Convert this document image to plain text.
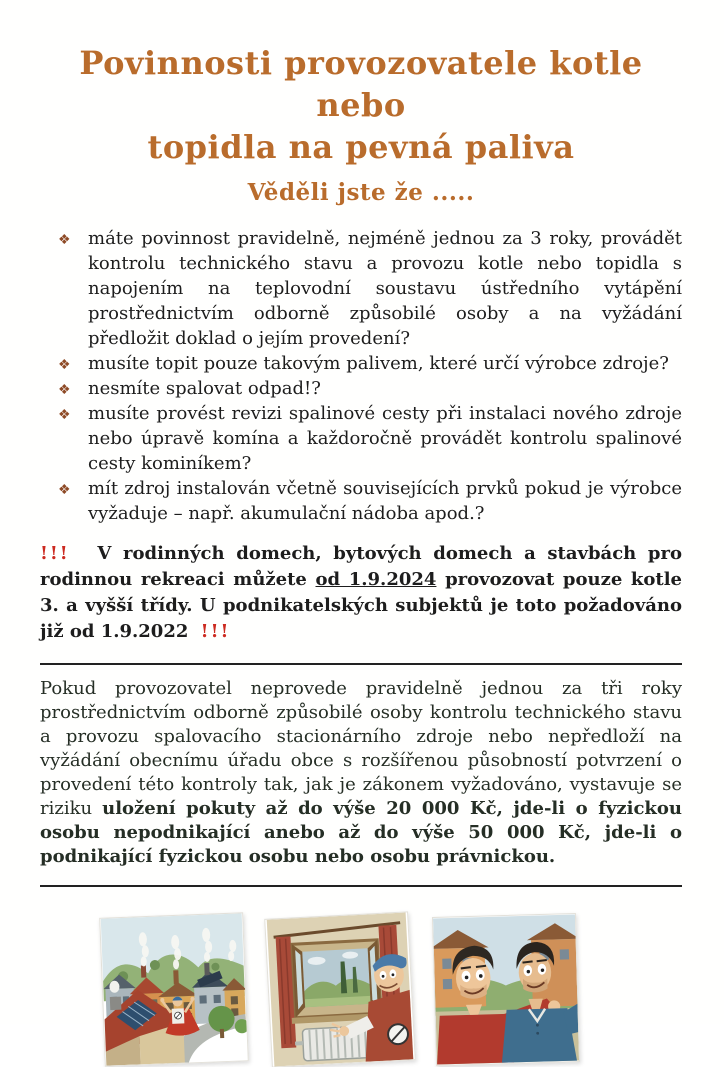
Povinnosti provozovatele kotle nebo
topidla na pevná paliva
Věděli jste že .....
❖ máte povinnost pravidelně, nejméně jednou za 3 roky, provádět kontrolu technického stavu a provozu kotle nebo topidla s napojením na teplovodní soustavu ústředního vytápění prostřednictvím odborně způsobilé osoby a na vyžádání předložit doklad o jejím provedení?
❖ musíte topit pouze takovým palivem, které určí výrobce zdroje?
❖ nesmíte spalovat odpad!?
❖ musíte provést revizi spalinové cesty při instalaci nového zdroje nebo úpravě komína a každoročně provádět kontrolu spalinové cesty kominíkem?
❖ mít zdroj instalován včetně souvisejících prvků pokud je výrobce vyžaduje – např. akumulační nádoba apod.?

!!! V rodinných domech, bytových domech a stavbách pro rodinnou rekreaci můžete od 1.9.2024 provozovat pouze kotle 3. a vyšší třídy. U podnikatelských subjektů je toto požadováno již od 1.9.2022 !!!

Pokud provozovatel neprovede pravidelně jednou za tři roky prostřednictvím odborně způsobilé osoby kontrolu technického stavu a provozu spalovacího stacionárního zdroje nebo nepředloží na vyžádání obecnímu úřadu obce s rozšířenou působností potvrzení o provedení této kontroly tak, jak je zákonem vyžadováno, vystavuje se riziku uložení pokuty až do výše 20 000 Kč, jde-li o fyzickou osobu nepodnikající anebo až do výše 50 000 Kč, jde-li o podnikající fyzickou osobu nebo osobu právnickou.
